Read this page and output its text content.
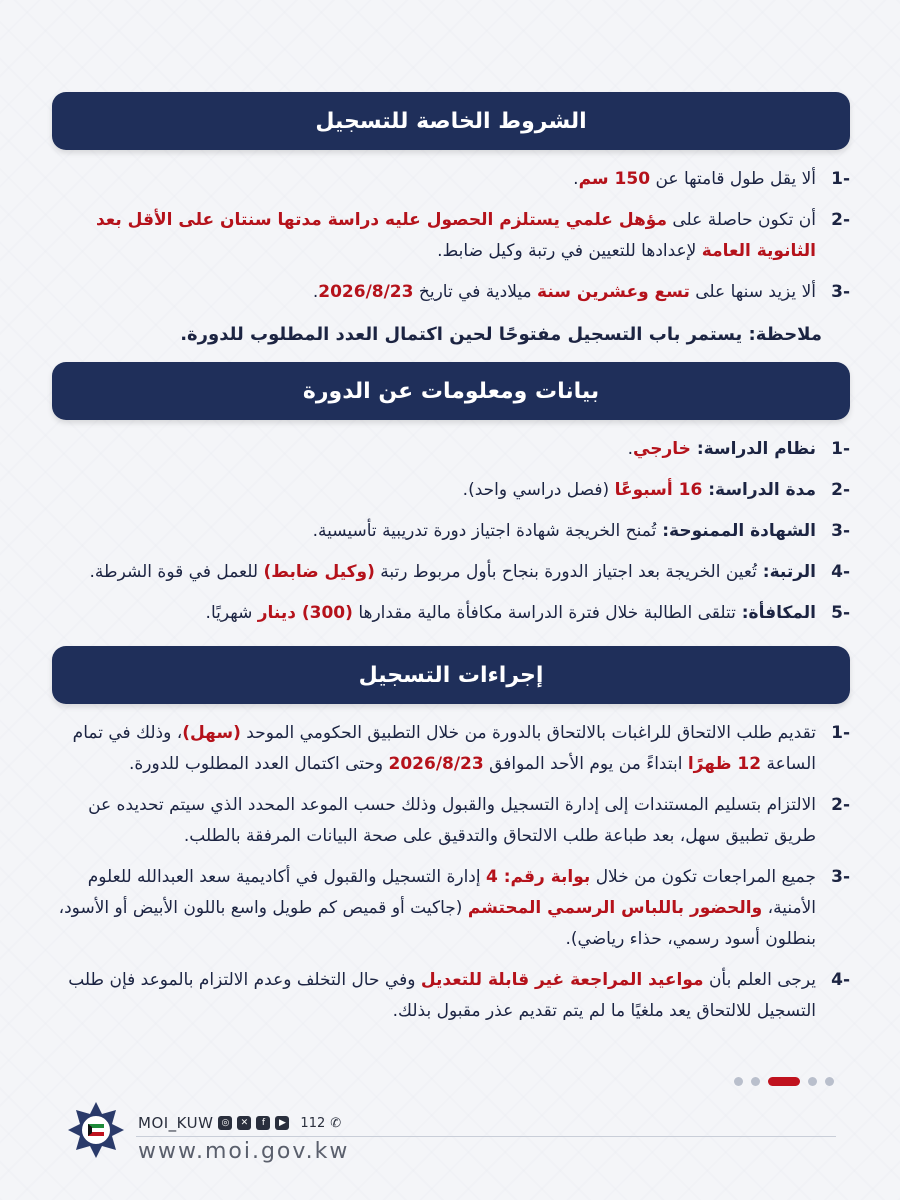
الشروط الخاصة للتسجيل
-1
ألا يقل طول قامتها عن 150 سم.
-2
أن تكون حاصلة على مؤهل علمي يستلزم الحصول عليه دراسة مدتها سنتان على الأقل بعد الثانوية العامة لإعدادها للتعيين في رتبة وكيل ضابط.
-3
ألا يزيد سنها على تسع وعشرين سنة ميلادية في تاريخ 2026/8/23.
ملاحظة: يستمر باب التسجيل مفتوحًا لحين اكتمال العدد المطلوب للدورة.
بيانات ومعلومات عن الدورة
-1
نظام الدراسة: خارجي.
-2
مدة الدراسة: 16 أسبوعًا (فصل دراسي واحد).
-3
الشهادة الممنوحة: تُمنح الخريجة شهادة اجتياز دورة تدريبية تأسيسية.
-4
الرتبة: تُعين الخريجة بعد اجتياز الدورة بنجاح بأول مربوط رتبة (وكيل ضابط) للعمل في قوة الشرطة.
-5
المكافأة: تتلقى الطالبة خلال فترة الدراسة مكافأة مالية مقدارها (300) دينار شهريًا.
إجراءات التسجيل
-1
تقديم طلب الالتحاق للراغبات بالالتحاق بالدورة من خلال التطبيق الحكومي الموحد (سهل)، وذلك في تمام الساعة 12 ظهرًا ابتداءً من يوم الأحد الموافق 2026/8/23 وحتى اكتمال العدد المطلوب للدورة.
-2
الالتزام بتسليم المستندات إلى إدارة التسجيل والقبول وذلك حسب الموعد المحدد الذي سيتم تحديده عن طريق تطبيق سهل، بعد طباعة طلب الالتحاق والتدقيق على صحة البيانات المرفقة بالطلب.
-3
جميع المراجعات تكون من خلال بوابة رقم: 4 إدارة التسجيل والقبول في أكاديمية سعد العبدالله للعلوم الأمنية، والحضور باللباس الرسمي المحتشم (جاكيت أو قميص كم طويل واسع باللون الأبيض أو الأسود، بنطلون أسود رسمي، حذاء رياضي).
-4
يرجى العلم بأن مواعيد المراجعة غير قابلة للتعديل وفي حال التخلف وعدم الالتزام بالموعد فإن طلب التسجيل للالتحاق يعد ملغيًا ما لم يتم تقديم عذر مقبول بذلك.
MOI_KUW ◎	✕	f	▶ 112 ✆
www.moi.gov.kw
